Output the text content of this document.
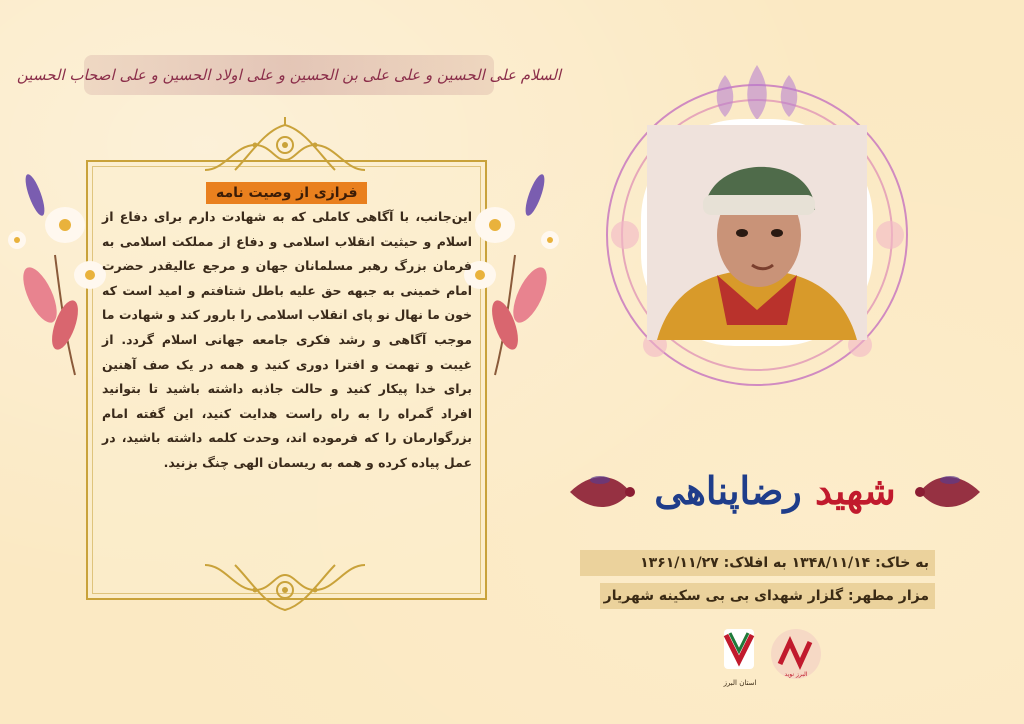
السلام علی الحسین و علی علی بن الحسین و علی اولاد الحسین و علی اصحاب الحسین
فرازی از وصیت نامه
این‌جانب، با آگاهی کاملی که به شهادت دارم برای دفاع از اسلام و حیثیت انقلاب اسلامی و دفاع از مملکت اسلامی به فرمان بزرگ رهبر مسلمانان جهان و مرجع عالیقدر حضرت امام خمینی به جبهه حق علیه باطل شتافتم و امید است که خون ما نهال نو پای انقلاب اسلامی را بارور کند و شهادت ما موجب آگاهی و رشد فکری جامعه جهانی اسلام گردد. از غیبت و تهمت و افترا دوری کنید و همه در یک صف آهنین برای خدا پیکار کنید و حالت جاذبه داشته باشید تا بتوانید افراد گمراه را به راه راست هدایت کنید، این گفته امام بزرگوارمان را که فرموده اند، وحدت کلمه داشته باشید، در عمل پیاده کرده و همه به ریسمان الهی چنگ بزنید.
شهید رضاپناهی
به خاک: ۱۳۴۸/۱۱/۱۴ به افلاک: ۱۳۶۱/۱۱/۲۷
مزار مطهر: گلزار شهدای بی بی سکینه شهریار
استان البرز
البرز نوید
